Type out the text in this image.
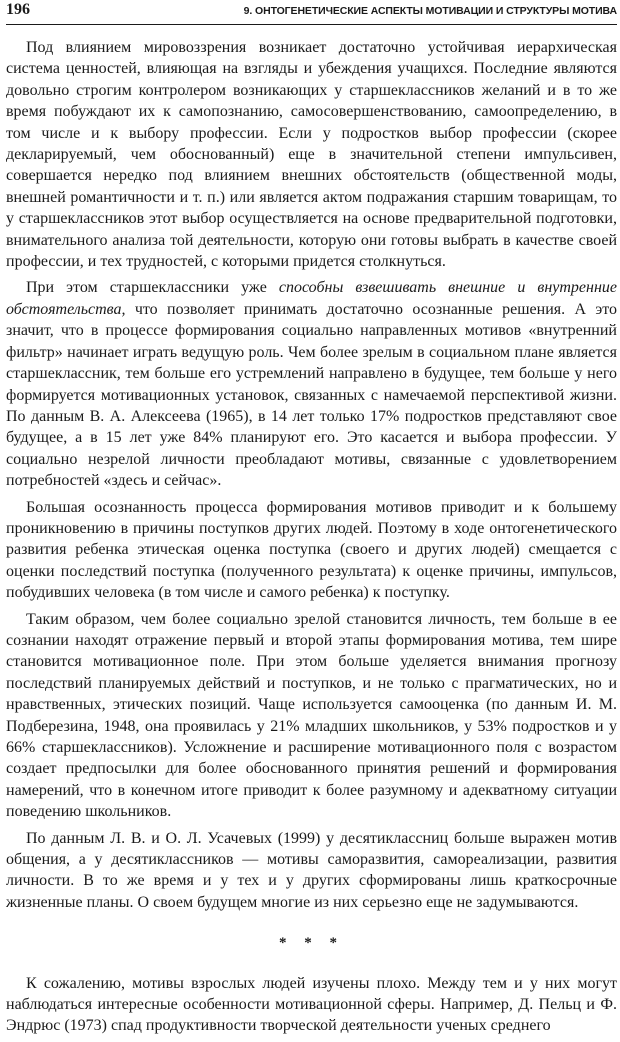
196	9. ОНТОГЕНЕТИЧЕСКИЕ АСПЕКТЫ МОТИВАЦИИ И СТРУКТУРЫ МОТИВА

Под влиянием мировоззрения возникает достаточно устойчивая иерархическая система ценностей, влияющая на взгляды и убеждения учащихся. Последние являются довольно строгим контролером возникающих у старшеклассников желаний и в то же время побуждают их к самопознанию, самосовершенствованию, самоопределению, в том числе и к выбору профессии. Если у подростков выбор профессии (скорее декларируемый, чем обоснованный) еще в значительной степени импульсивен, совершается нередко под влиянием внешних обстоятельств (общественной моды, внешней романтичности и т. п.) или является актом подражания старшим товарищам, то у старшеклассников этот выбор осуществляется на основе предварительной подготовки, внимательного анализа той деятельности, которую они готовы выбрать в качестве своей профессии, и тех трудностей, с которыми придется столкнуться.

При этом старшеклассники уже способны взвешивать внешние и внутренние обстоятельства, что позволяет принимать достаточно осознанные решения. А это значит, что в процессе формирования социально направленных мотивов «внутренний фильтр» начинает играть ведущую роль. Чем более зрелым в социальном плане является старшеклассник, тем больше его устремлений направлено в будущее, тем больше у него формируется мотивационных установок, связанных с намечаемой перспективой жизни. По данным В. А. Алексеева (1965), в 14 лет только 17% подростков представляют свое будущее, а в 15 лет уже 84% планируют его. Это касается и выбора профессии. У социально незрелой личности преобладают мотивы, связанные с удовлетворением потребностей «здесь и сейчас».

Большая осознанность процесса формирования мотивов приводит и к большему проникновению в причины поступков других людей. Поэтому в ходе онтогенетического развития ребенка этическая оценка поступка (своего и других людей) смещается с оценки последствий поступка (полученного результата) к оценке причины, импульсов, побудивших человека (в том числе и самого ребенка) к поступку.

Таким образом, чем более социально зрелой становится личность, тем больше в ее сознании находят отражение первый и второй этапы формирования мотива, тем шире становится мотивационное поле. При этом больше уделяется внимания прогнозу последствий планируемых действий и поступков, и не только с прагматических, но и нравственных, этических позиций. Чаще используется самооценка (по данным И. М. Подберезина, 1948, она проявилась у 21% младших школьников, у 53% подростков и у 66% старшеклассников). Усложнение и расширение мотивационного поля с возрастом создает предпосылки для более обоснованного принятия решений и формирования намерений, что в конечном итоге приводит к более разумному и адекватному ситуации поведению школьников.

По данным Л. В. и О. Л. Усачевых (1999) у десятиклассниц больше выражен мотив общения, а у десятиклассников — мотивы саморазвития, самореализации, развития личности. В то же время и у тех и у других сформированы лишь краткосрочные жизненные планы. О своем будущем многие из них серьезно еще не задумываются.

* * *

К сожалению, мотивы взрослых людей изучены плохо. Между тем и у них могут наблюдаться интересные особенности мотивационной сферы. Например, Д. Пельц и Ф. Эндрюс (1973) спад продуктивности творческой деятельности ученых среднего
